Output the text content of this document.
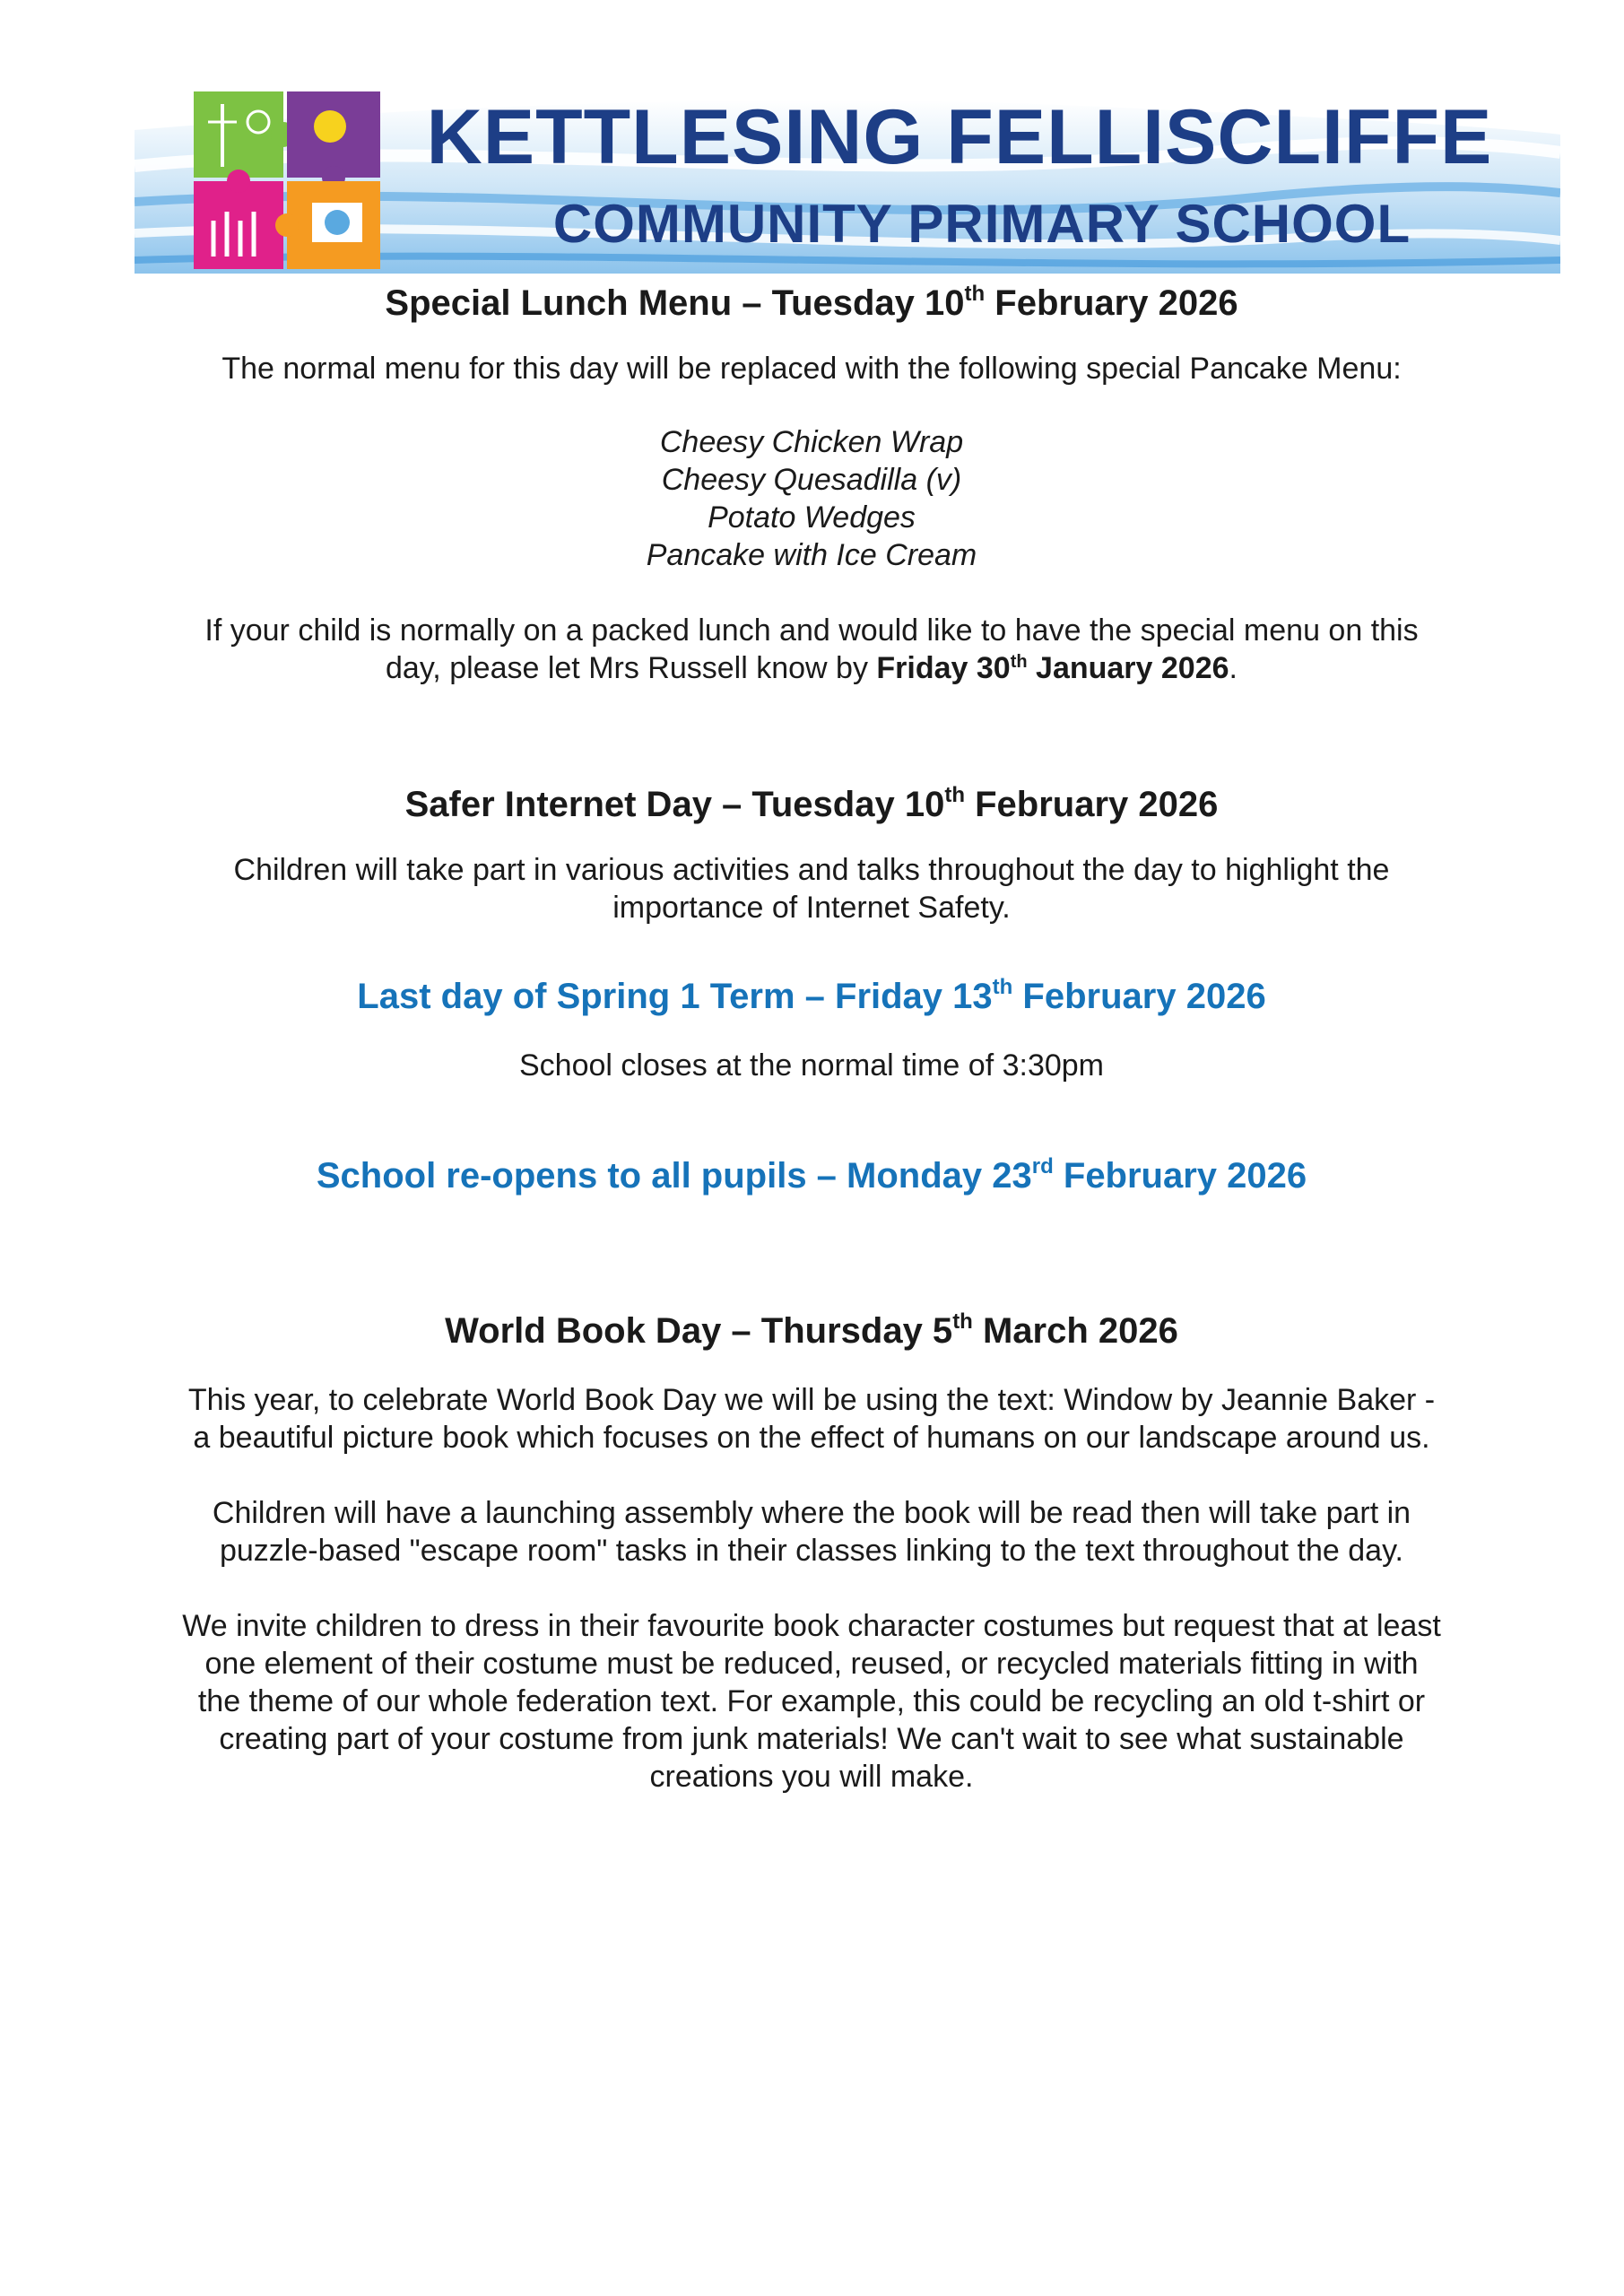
KETTLESING FELLISCLIFFE
COMMUNITY PRIMARY SCHOOL

Special Lunch Menu – Tuesday 10th February 2026

The normal menu for this day will be replaced with the following special Pancake Menu:

Cheesy Chicken Wrap

Cheesy Quesadilla (v)

Potato Wedges

Pancake with Ice Cream

If your child is normally on a packed lunch and would like to have the special menu on this
day, please let Mrs Russell know by Friday 30th January 2026.

Safer Internet Day – Tuesday 10th February 2026

Children will take part in various activities and talks throughout the day to highlight the
importance of Internet Safety.

Last day of Spring 1 Term – Friday 13th February 2026

School closes at the normal time of 3:30pm

School re-opens to all pupils – Monday 23rd February 2026

World Book Day – Thursday 5th March 2026

This year, to celebrate World Book Day we will be using the text: Window by Jeannie Baker -
a beautiful picture book which focuses on the effect of humans on our landscape around us.

Children will have a launching assembly where the book will be read then will take part in
puzzle-based "escape room" tasks in their classes linking to the text throughout the day.

We invite children to dress in their favourite book character costumes but request that at least
one element of their costume must be reduced, reused, or recycled materials fitting in with
the theme of our whole federation text. For example, this could be recycling an old t-shirt or
creating part of your costume from junk materials! We can't wait to see what sustainable
creations you will make.
